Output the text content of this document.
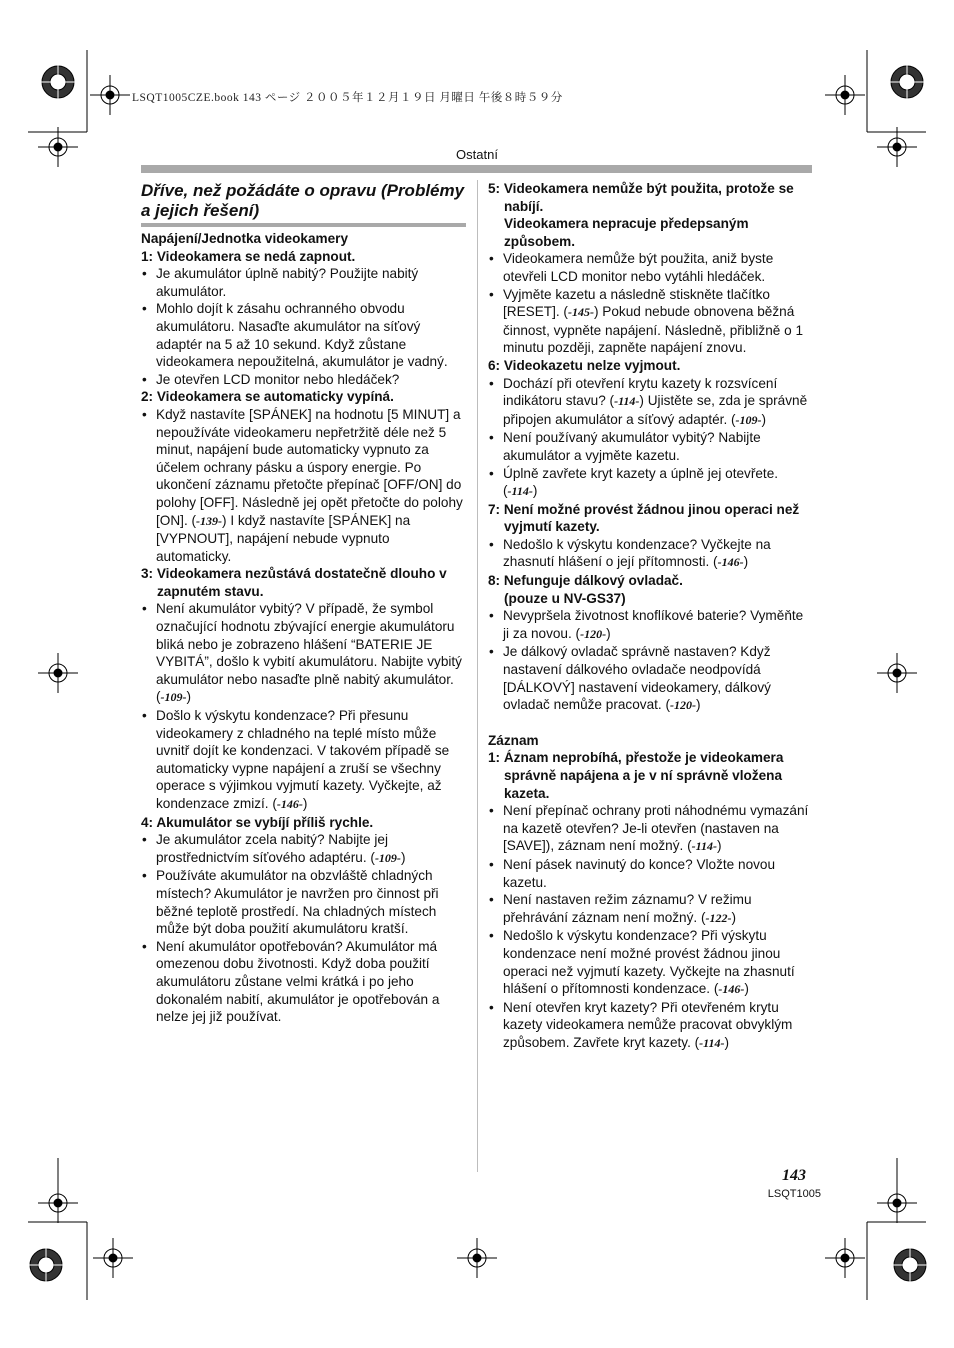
LSQT1005CZE.book 143 ページ ２００５年１２月１９日 月曜日 午後８時５９分
Ostatní
Dříve, než požádáte o opravu (Problémy a jejich řešení)
Napájení/Jednotka videokamery
1: Videokamera se nedá zapnout.
• Je akumulátor úplně nabitý? Použijte nabitý akumulátor.
• Mohlo dojít k zásahu ochranného obvodu akumulátoru. Nasaďte akumulátor na síťový adaptér na 5 až 10 sekund. Když zůstane videokamera nepoužitelná, akumulátor je vadný.
• Je otevřen LCD monitor nebo hledáček?
2: Videokamera se automaticky vypíná.
• Když nastavíte [SPÁNEK] na hodnotu [5 MINUT] a nepoužíváte videokameru nepřetržitě déle než 5 minut, napájení bude automaticky vypnuto za účelem ochrany pásku a úspory energie. Po ukončení záznamu přetočte přepínač [OFF/ON] do polohy [OFF]. Následně jej opět přetočte do polohy [ON]. (-139-) I když nastavíte [SPÁNEK] na [VYPNOUT], napájení nebude vypnuto automaticky.
3: Videokamera nezůstává dostatečně dlouho v zapnutém stavu.
• Není akumulátor vybitý? V případě, že symbol označující hodnotu zbývající energie akumulátoru bliká nebo je zobrazeno hlášení “BATERIE JE VYBITÁ”, došlo k vybití akumulátoru. Nabijte vybitý akumulátor nebo nasaďte plně nabitý akumulátor. (-109-)
• Došlo k výskytu kondenzace? Při přesunu videokamery z chladného na teplé místo může uvnitř dojít ke kondenzaci. V takovém případě se automaticky vypne napájení a zruší se všechny operace s výjimkou vyjmutí kazety. Vyčkejte, až kondenzace zmizí. (-146-)
4: Akumulátor se vybíjí příliš rychle.
• Je akumulátor zcela nabitý? Nabijte jej prostřednictvím síťového adaptéru. (-109-)
• Používáte akumulátor na obzvláště chladných místech? Akumulátor je navržen pro činnost při běžné teplotě prostředí. Na chladných místech může být doba použití akumulátoru kratší.
• Není akumulátor opotřebován? Akumulátor má omezenou dobu životnosti. Když doba použití akumulátoru zůstane velmi krátká i po jeho dokonalém nabití, akumulátor je opotřebován a nelze jej již používat.
5: Videokamera nemůže být použita, protože se nabíjí.
Videokamera nepracuje předepsaným způsobem.
• Videokamera nemůže být použita, aniž byste otevřeli LCD monitor nebo vytáhli hledáček.
• Vyjměte kazetu a následně stiskněte tlačítko [RESET]. (-145-) Pokud nebude obnovena běžná činnost, vypněte napájení. Následně, přibližně o 1 minutu později, zapněte napájení znovu.
6: Videokazetu nelze vyjmout.
• Dochází při otevření krytu kazety k rozsvícení indikátoru stavu? (-114-) Ujistěte se, zda je správně připojen akumulátor a síťový adaptér. (-109-)
• Není používaný akumulátor vybitý? Nabijte akumulátor a vyjměte kazetu.
• Úplně zavřete kryt kazety a úplně jej otevřete. (-114-)
7: Není možné provést žádnou jinou operaci než vyjmutí kazety.
• Nedošlo k výskytu kondenzace? Vyčkejte na zhasnutí hlášení o její přítomnosti. (-146-)
8: Nefunguje dálkový ovladač.
(pouze u NV-GS37)
• Nevypršela životnost knoflíkové baterie? Vyměňte ji za novou. (-120-)
• Je dálkový ovladač správně nastaven? Když nastavení dálkového ovladače neodpovídá [DÁLKOVÝ] nastavení videokamery, dálkový ovladač nemůže pracovat. (-120-)
Záznam
1: Áznam neprobíhá, přestože je videokamera správně napájena a je v ní správně vložena kazeta.
• Není přepínač ochrany proti náhodnému vymazání na kazetě otevřen? Je-li otevřen (nastaven na [SAVE]), záznam není možný. (-114-)
• Není pásek navinutý do konce? Vložte novou kazetu.
• Není nastaven režim záznamu? V režimu přehrávání záznam není možný. (-122-)
• Nedošlo k výskytu kondenzace? Při výskytu kondenzace není možné provést žádnou jinou operaci než vyjmutí kazety. Vyčkejte na zhasnutí hlášení o přítomnosti kondenzace. (-146-)
• Není otevřen kryt kazety? Při otevřeném krytu kazety videokamera nemůže pracovat obvyklým způsobem. Zavřete kryt kazety. (-114-)
143
LSQT1005
